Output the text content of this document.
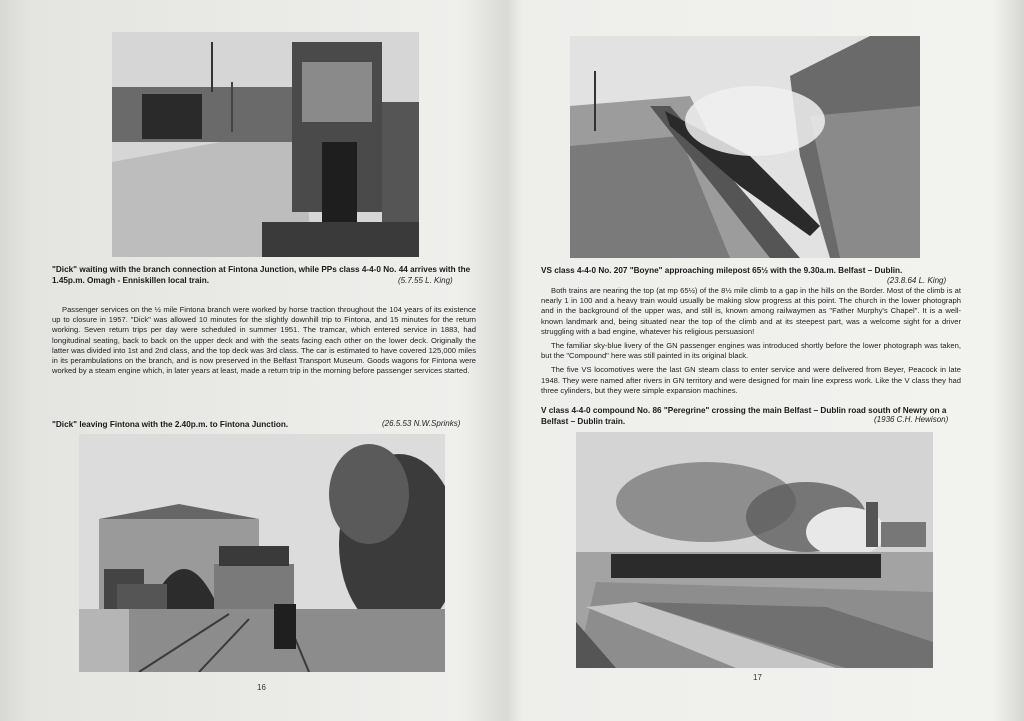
"Dick" waiting with the branch connection at Fintona Junction, while PPs class 4-4-0 No. 44 arrives with the 1.45p.m. Omagh - Enniskillen local train.	(5.7.55 L. King)

Passenger services on the ½ mile Fintona branch were worked by horse traction throughout the 104 years of its existence up to closure in 1957. "Dick" was allowed 10 minutes for the slightly downhill trip to Fintona, and 15 minutes for the return working. Seven return trips per day were scheduled in summer 1951. The tramcar, which entered service in 1883, had longitudinal seating, back to back on the upper deck and with the seats facing each other on the lower deck. Originally the latter was divided into 1st and 2nd class, and the top deck was 3rd class. The car is estimated to have covered 125,000 miles in its perambulations on the branch, and is now preserved in the Belfast Transport Museum. Goods wagons for Fintona were worked by a steam engine which, in later years at least, made a return trip in the morning before passenger services started.

"Dick" leaving Fintona with the 2.40p.m. to Fintona Junction.	(26.5.53 N.W.Sprinks)
16
VS class 4-4-0 No. 207 "Boyne" approaching milepost 65½ with the 9.30a.m. Belfast – Dublin.
(23.8.64 L. King)

Both trains are nearing the top (at mp 65½) of the 8½ mile climb to a gap in the hills on the Border. Most of the climb is at nearly 1 in 100 and a heavy train would usually be making slow progress at this point. The church in the lower photograph and in the background of the upper was, and still is, known among railwaymen as "Father Murphy's Chapel". It is a well-known landmark and, being situated near the top of the climb and at its steepest part, was a welcome sight for a driver struggling with a bad engine, whatever his religious persuasion!

The familiar sky-blue livery of the GN passenger engines was introduced shortly before the lower photograph was taken, but the "Compound" here was still painted in its original black.

The five VS locomotives were the last GN steam class to enter service and were delivered from Beyer, Peacock in late 1948. They were named after rivers in GN territory and were designed for main line express work. Like the V class they had three cylinders, but they were simple expansion machines.

V class 4-4-0 compound No. 86 "Peregrine" crossing the main Belfast – Dublin road south of Newry on a Belfast – Dublin train.	(1936 C.H. Hewison)
17
